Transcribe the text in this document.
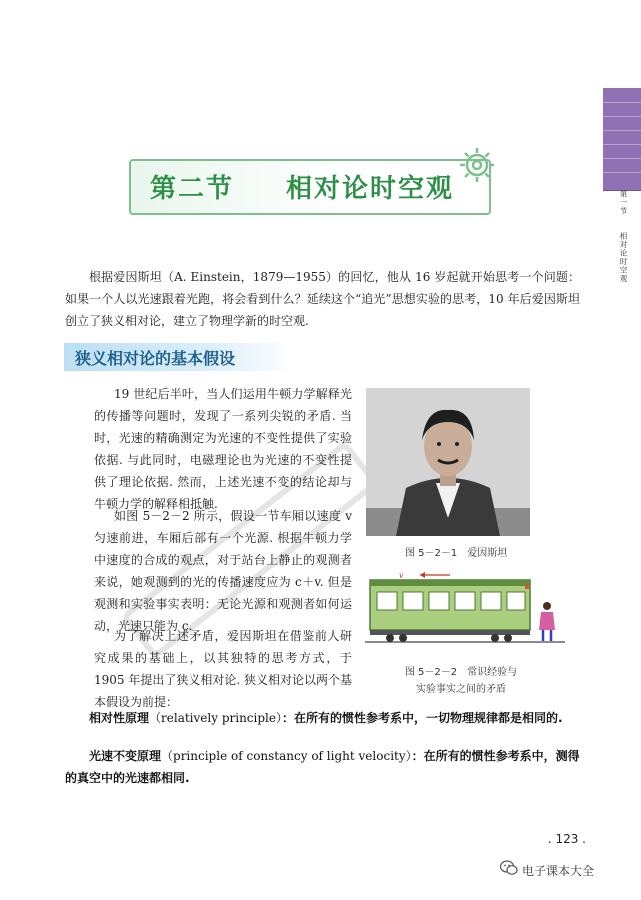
第一节  相对论时空观
第二节 相对论时空观

根据爱因斯坦（A. Einstein，1879—1955）的回忆，他从 16 岁起就开始思考一个问题：如果一个人以光速跟着光跑，将会看到什么？延续这个“追光”思想实验的思考，10 年后爱因斯坦创立了狭义相对论，建立了物理学新的时空观.

狭义相对论的基本假设

19 世纪后半叶，当人们运用牛顿力学解释光的传播等问题时，发现了一系列尖锐的矛盾. 当时，光速的精确测定为光速的不变性提供了实验依据. 与此同时，电磁理论也为光速的不变性提供了理论依据. 然而，上述光速不变的结论却与牛顿力学的解释相抵触.

如图 5－2－2 所示，假设一节车厢以速度 v 匀速前进，车厢后部有一个光源. 根据牛顿力学中速度的合成的观点，对于站台上静止的观测者来说，她观测到的光的传播速度应为 c＋v. 但是观测和实验事实表明：无论光源和观测者如何运动，光速只能为 c.

为了解决上述矛盾，爱因斯坦在借鉴前人研究成果的基础上，以其独特的思考方式，于 1905 年提出了狭义相对论. 狭义相对论以两个基本假设为前提：

图 5－2－1　爱因斯坦
v
图 5－2－2　常识经验与
实验事实之间的矛盾

相对性原理（relatively principle）：在所有的惯性参考系中，一切物理规律都是相同的.

光速不变原理（principle of constancy of light velocity）：在所有的惯性参考系中，测得的真空中的光速都相同.

. 123 .
电子课本大全
